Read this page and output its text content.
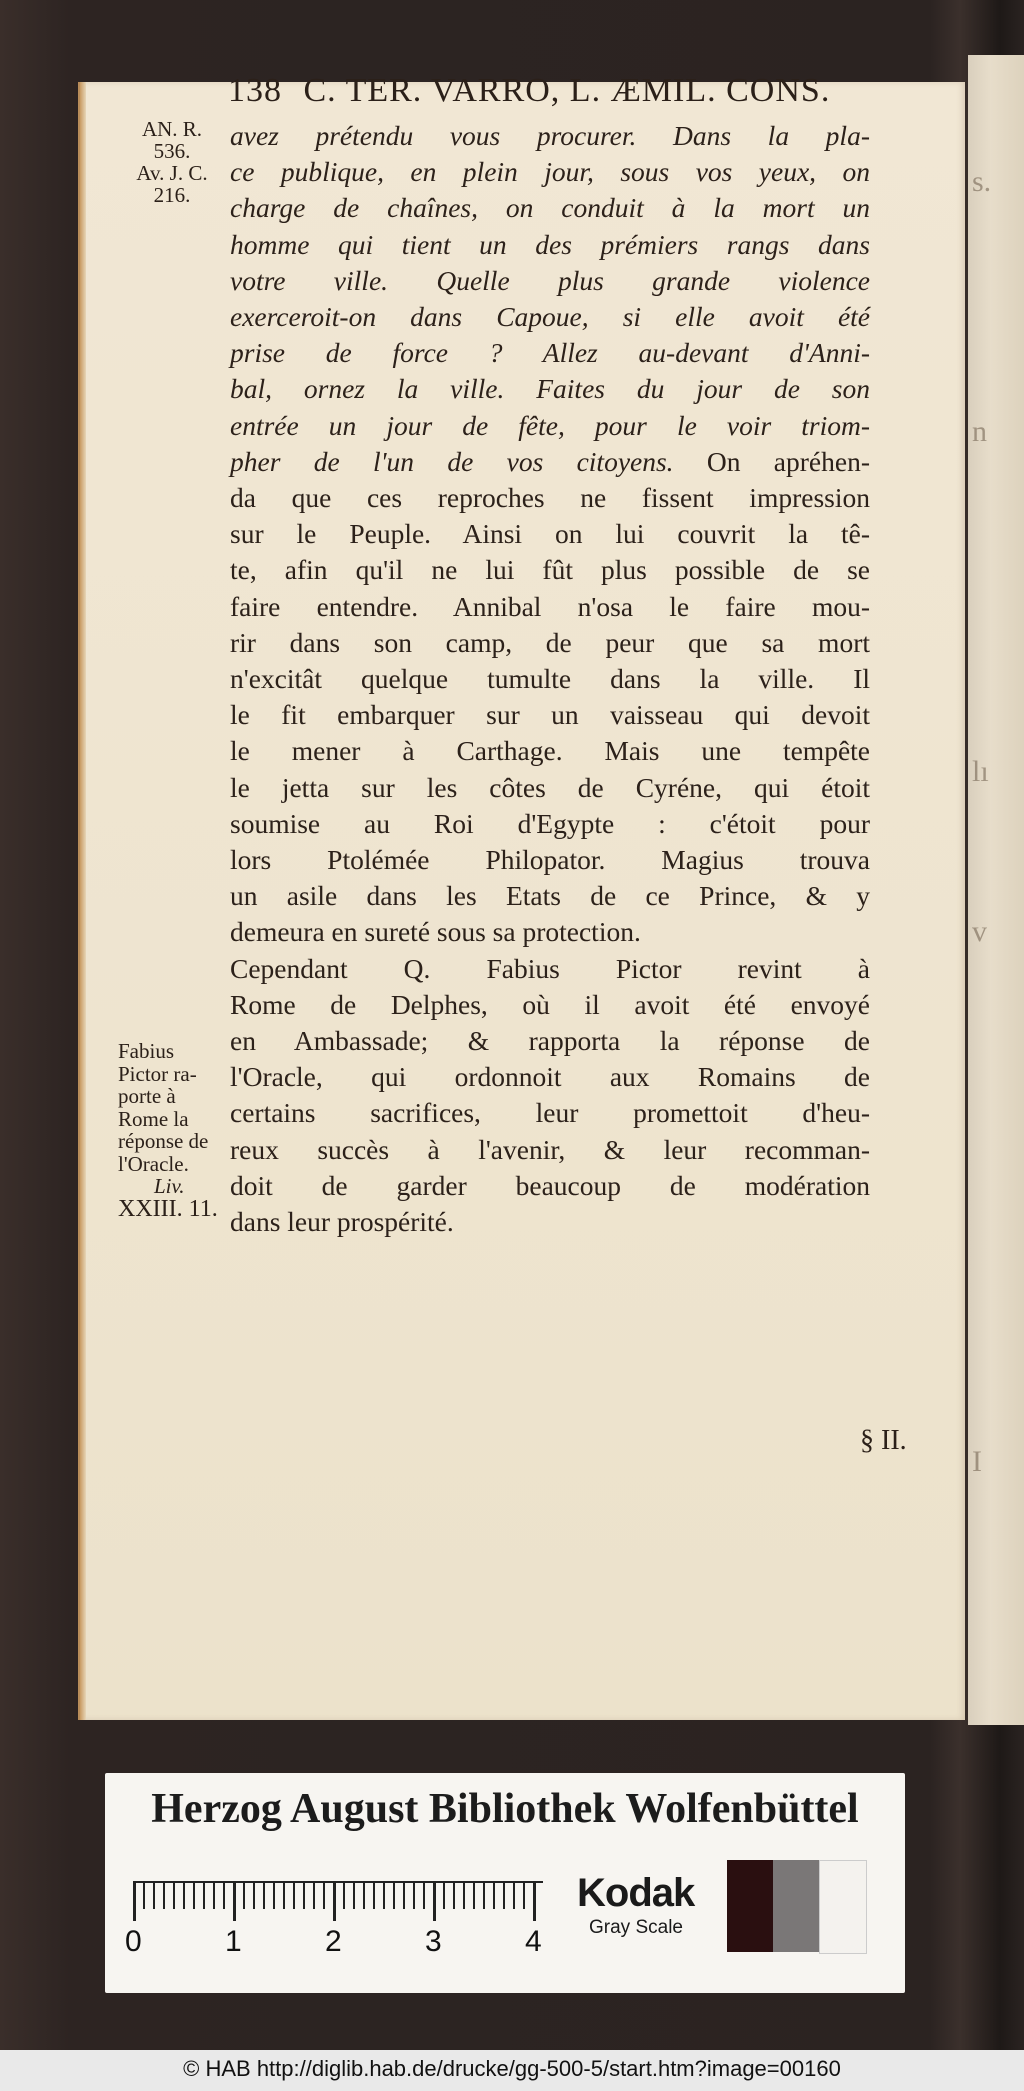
s.
n
lı
v
I
138 C. TER. VARRO, L. ÆMIL. CONS.
AN. R.
536.
Av. J. C.
216.
avez prétendu vous procurer. Dans la pla-
ce publique, en plein jour, sous vos yeux, on
charge de chaînes, on conduit à la mort un
homme qui tient un des prémiers rangs dans
votre ville. Quelle plus grande violence
exerceroit-on dans Capoue, si elle avoit été
prise de force ? Allez au-devant d'Anni-
bal, ornez la ville. Faites du jour de son
entrée un jour de fête, pour le voir triom-
pher de l'un de vos citoyens. On apréhen-
da que ces reproches ne fissent impression
sur le Peuple. Ainsi on lui couvrit la tê-
te, afin qu'il ne lui fût plus possible de se
faire entendre. Annibal n'osa le faire mou-
rir dans son camp, de peur que sa mort
n'excitât quelque tumulte dans la ville. Il
le fit embarquer sur un vaisseau qui devoit
le mener à Carthage. Mais une tempête
le jetta sur les côtes de Cyréne, qui étoit
soumise au Roi d'Egypte : c'étoit pour
lors Ptolémée Philopator. Magius trouva
un asile dans les Etats de ce Prince, & y
demeura en sureté sous sa protection.
Cependant Q. Fabius Pictor revint à
Rome de Delphes, où il avoit été envoyé
en Ambassade; & rapporta la réponse de
l'Oracle, qui ordonnoit aux Romains de
certains sacrifices, leur promettoit d'heu-
reux succès à l'avenir, & leur recomman-
doit de garder beaucoup de modération
dans leur prospérité.
Fabius
Pictor ra-
porte à
Rome la
réponse de
l'Oracle.
Liv.
XXIII. 11.
§ II.
Herzog August Bibliothek Wolfenbüttel
0	1	2	3	4
Kodak
Gray Scale
© HAB http://diglib.hab.de/drucke/gg-500-5/start.htm?image=00160
